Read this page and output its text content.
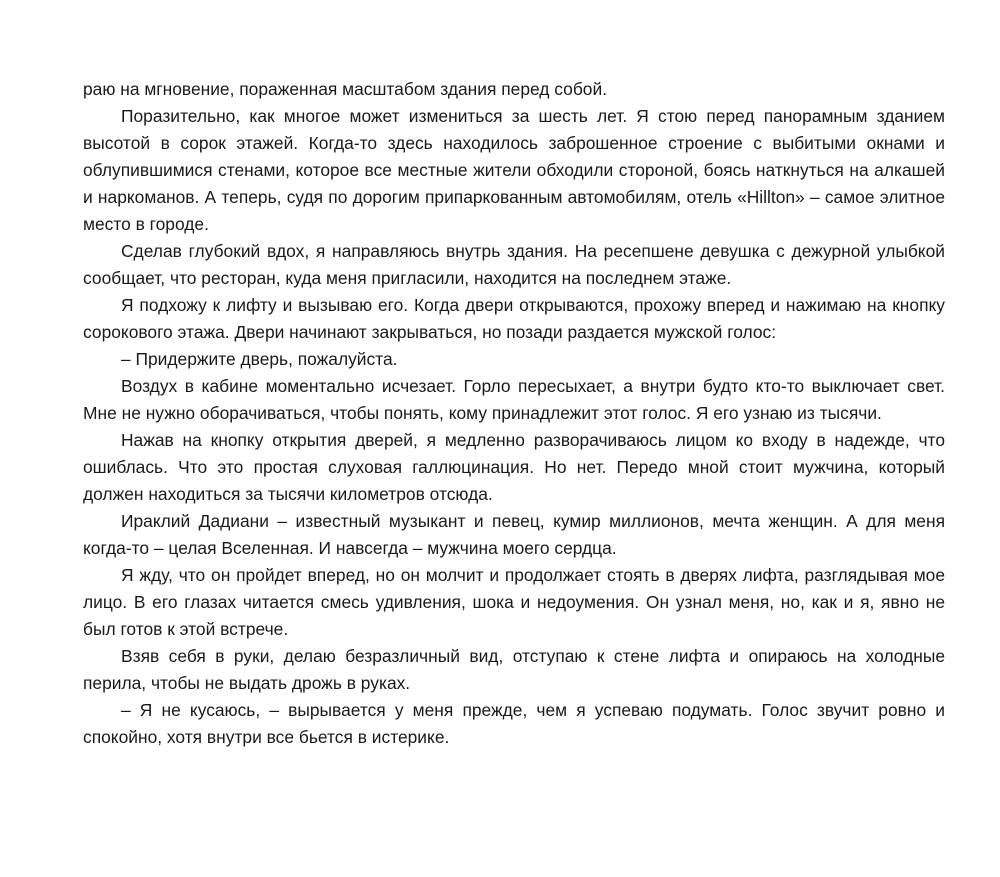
раю на мгновение, пораженная масштабом здания перед собой.

Поразительно, как многое может измениться за шесть лет. Я стою перед панорамным зданием высотой в сорок этажей. Когда-то здесь находилось заброшенное строение с выбитыми окнами и облупившимися стенами, которое все местные жители обходили стороной, боясь наткнуться на алкашей и наркоманов. А теперь, судя по дорогим припаркованным автомобилям, отель «Hillton» – самое элитное место в городе.

Сделав глубокий вдох, я направляюсь внутрь здания. На ресепшене девушка с дежурной улыбкой сообщает, что ресторан, куда меня пригласили, находится на последнем этаже.

Я подхожу к лифту и вызываю его. Когда двери открываются, прохожу вперед и нажимаю на кнопку сорокового этажа. Двери начинают закрываться, но позади раздается мужской голос:

– Придержите дверь, пожалуйста.

Воздух в кабине моментально исчезает. Горло пересыхает, а внутри будто кто-то выключает свет. Мне не нужно оборачиваться, чтобы понять, кому принадлежит этот голос. Я его узнаю из тысячи.

Нажав на кнопку открытия дверей, я медленно разворачиваюсь лицом ко входу в надежде, что ошиблась. Что это простая слуховая галлюцинация. Но нет. Передо мной стоит мужчина, который должен находиться за тысячи километров отсюда.

Ираклий Дадиани – известный музыкант и певец, кумир миллионов, мечта женщин. А для меня когда-то – целая Вселенная. И навсегда – мужчина моего сердца.

Я жду, что он пройдет вперед, но он молчит и продолжает стоять в дверях лифта, разглядывая мое лицо. В его глазах читается смесь удивления, шока и недоумения. Он узнал меня, но, как и я, явно не был готов к этой встрече.

Взяв себя в руки, делаю безразличный вид, отступаю к стене лифта и опираюсь на холодные перила, чтобы не выдать дрожь в руках.

– Я не кусаюсь, – вырывается у меня прежде, чем я успеваю подумать. Голос звучит ровно и спокойно, хотя внутри все бьется в истерике.
